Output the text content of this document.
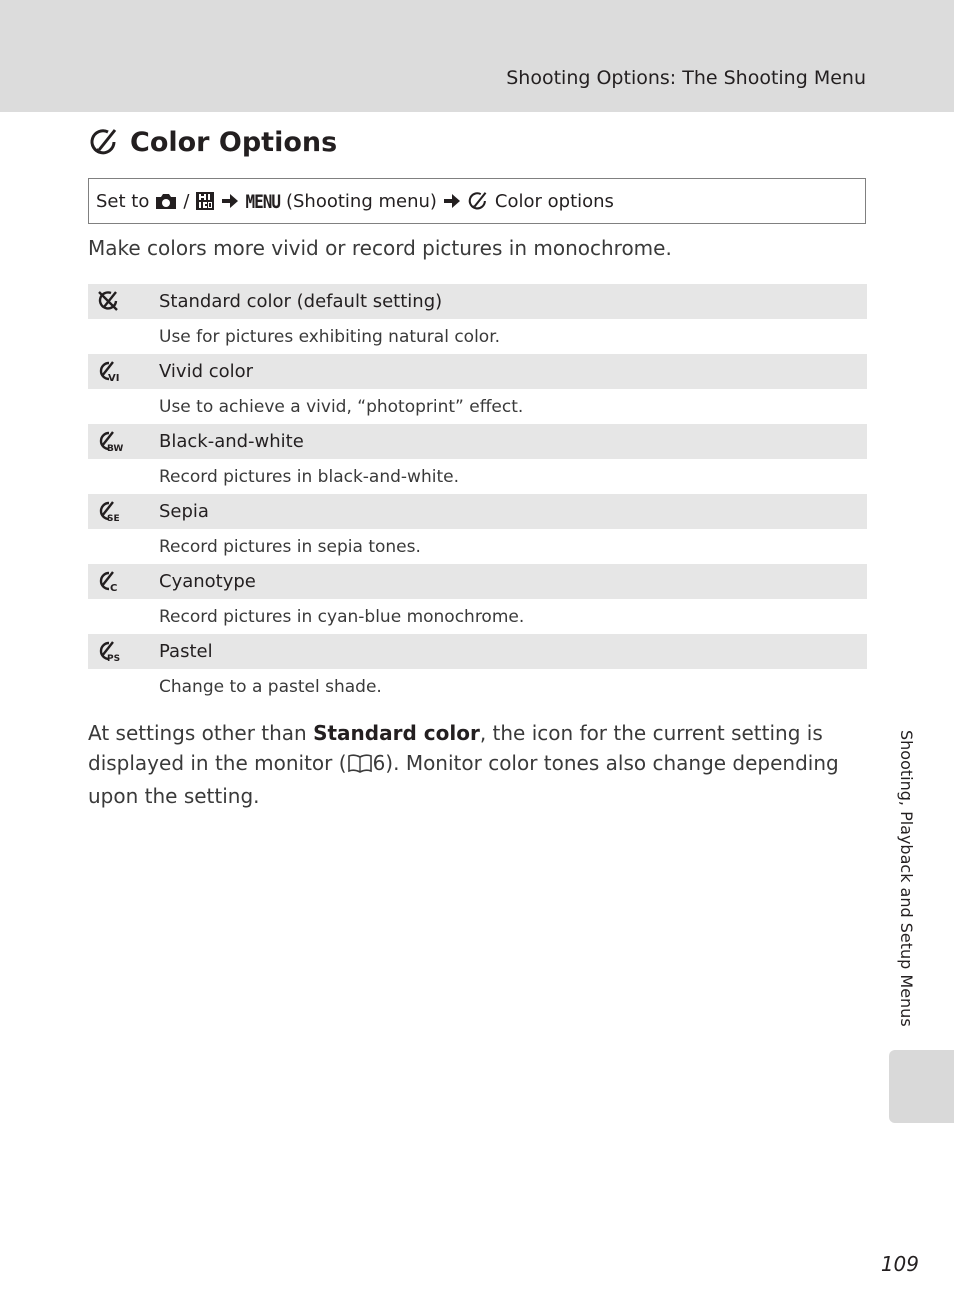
Shooting Options: The Shooting Menu
Color Options
Set to /	MENU (Shooting menu)	Color options
Make colors more vivid or record pictures in monochrome.
Standard color (default setting)
Use for pictures exhibiting natural color.
VI Vivid color
Use to achieve a vivid, “photoprint” effect.
BW Black-and-white
Record pictures in black-and-white.
SE Sepia
Record pictures in sepia tones.
C Cyanotype
Record pictures in cyan-blue monochrome.
PS Pastel
Change to a pastel shade.
At settings other than Standard color, the icon for the current setting is displayed in the monitor ( 6). Monitor color tones also change depending upon the setting.	Shooting, Playback and Setup Menus
109
